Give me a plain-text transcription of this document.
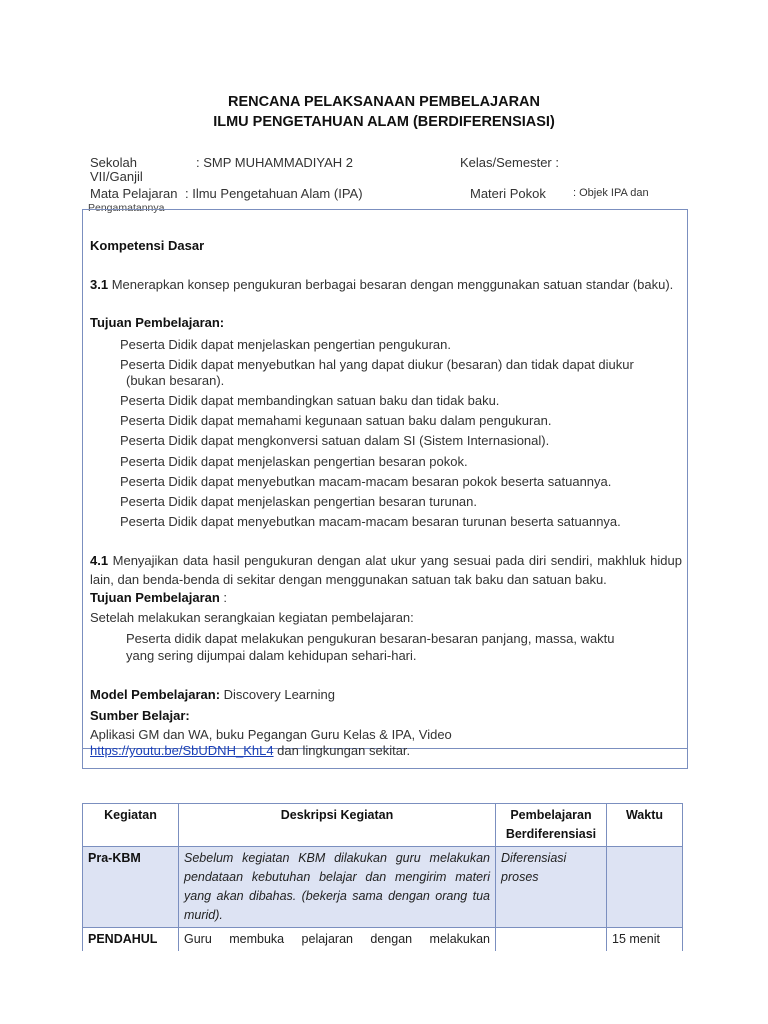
RENCANA PELAKSANAAN PEMBELAJARAN
ILMU PENGETAHUAN ALAM (BERDIFERENSIASI)
Sekolah	: SMP MUHAMMADIYAH 2	Kelas/Semester :
VII/Ganjil
Mata Pelajaran : Ilmu Pengetahuan Alam (IPA)	Materi Pokok : Objek IPA dan
Pengamatannya
Kompetensi Dasar
3.1 Menerapkan konsep pengukuran berbagai besaran dengan menggunakan satuan standar (baku).
Tujuan Pembelajaran:
Peserta Didik dapat menjelaskan pengertian pengukuran.
Peserta Didik dapat menyebutkan hal yang dapat diukur (besaran) dan tidak dapat diukur
(bukan besaran).
Peserta Didik dapat membandingkan satuan baku dan tidak baku.
Peserta Didik dapat memahami kegunaan satuan baku dalam pengukuran.
Peserta Didik dapat mengkonversi satuan dalam SI (Sistem Internasional).
Peserta Didik dapat menjelaskan pengertian besaran pokok.
Peserta Didik dapat menyebutkan macam-macam besaran pokok beserta satuannya.
Peserta Didik dapat menjelaskan pengertian besaran turunan.
Peserta Didik dapat menyebutkan macam-macam besaran turunan beserta satuannya.
4.1 Menyajikan data hasil pengukuran dengan alat ukur yang sesuai pada diri sendiri, makhluk hidup lain, dan benda-benda di sekitar dengan menggunakan satuan tak baku dan satuan baku.
Tujuan Pembelajaran :
Setelah melakukan serangkaian kegiatan pembelajaran:
Peserta didik dapat melakukan pengukuran besaran-besaran panjang, massa, waktu
yang sering dijumpai dalam kehidupan sehari-hari.
Model Pembelajaran: Discovery Learning
Sumber Belajar:
Aplikasi GM dan WA, buku Pegangan Guru Kelas & IPA, Video
https://youtu.be/SbUDNH_KhL4 dan lingkungan sekitar.
Kegiatan	Deskripsi Kegiatan	Pembelajaran Berdiferensiasi	Waktu
Pra-KBM	Sebelum kegiatan KBM dilakukan guru melakukan pendataan kebutuhan belajar dan mengirim materi yang akan dibahas. (bekerja sama dengan orang tua murid).	Diferensiasi proses	
PENDAHUL	Guru membuka pelajaran dengan melakukan		15 menit
